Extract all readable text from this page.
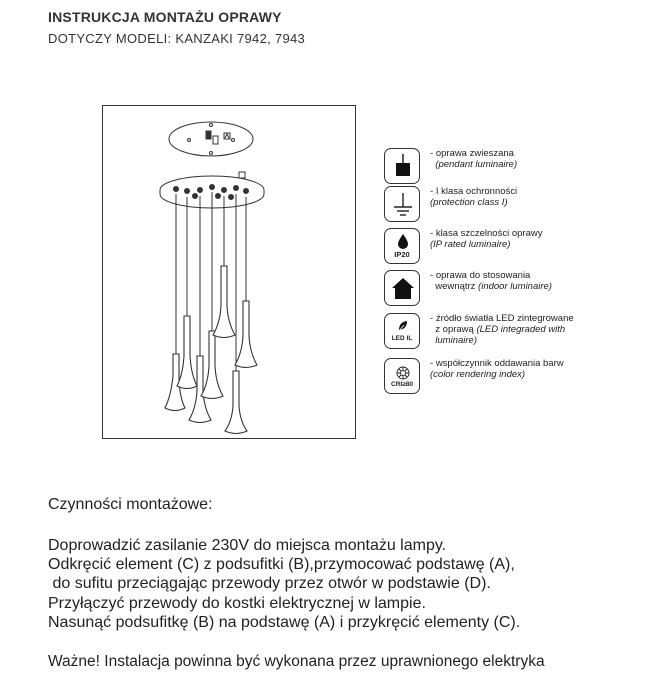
INSTRUKCJA MONTAŻU OPRAWY
DOTYCZY MODELI: KANZAKI 7942, 7943
- oprawa zwieszana
(pendant luminaire)
- I klasa ochronności
(protection class I)
IP20
- klasa szczelności oprawy
(IP rated luminaire)
- oprawa do stosowania
wewnątrz (indoor luminaire)
LED IL
- źródło światła LED zintegrowane
z oprawą (LED integraded with
luminaire)
CRI≥80
- współczynnik oddawania barw
(color rendering index)
Czynności montażowe:
Doprowadzić zasilanie 230V do miejsca montażu lampy.
Odkręcić element (C) z podsufitki (B),przymocować podstawę (A),
do sufitu przeciągając przewody przez otwór w podstawie (D).
Przyłączyć przewody do kostki elektrycznej w lampie.
Nasunąć podsufitkę (B) na podstawę (A) i przykręcić elementy (C).
Ważne! Instalacja powinna być wykonana przez uprawnionego elektryka
